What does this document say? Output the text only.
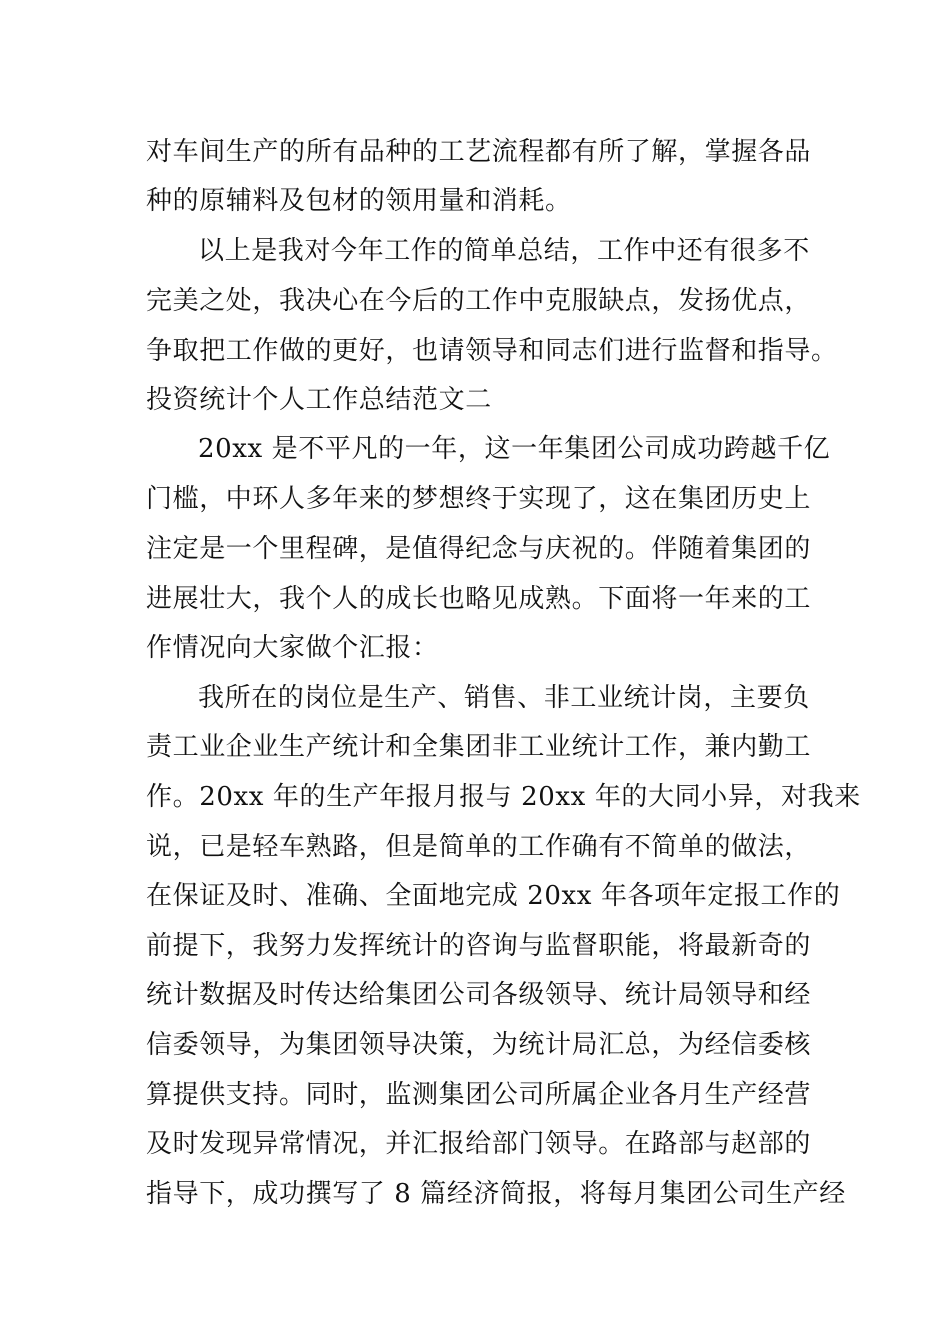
对车间生产的所有品种的工艺流程都有所了解，掌握各品
种的原辅料及包材的领用量和消耗。
以上是我对今年工作的简单总结，工作中还有很多不
完美之处，我决心在今后的工作中克服缺点，发扬优点，
争取把工作做的更好，也请领导和同志们进行监督和指导。
投资统计个人工作总结范文二
20xx 是不平凡的一年，这一年集团公司成功跨越千亿
门槛，中环人多年来的梦想终于实现了，这在集团历史上
注定是一个里程碑，是值得纪念与庆祝的。伴随着集团的
进展壮大，我个人的成长也略见成熟。下面将一年来的工
作情况向大家做个汇报：
我所在的岗位是生产、销售、非工业统计岗，主要负
责工业企业生产统计和全集团非工业统计工作，兼内勤工
作。20xx 年的生产年报月报与 20xx 年的大同小异，对我来
说，已是轻车熟路，但是简单的工作确有不简单的做法，
在保证及时、准确、全面地完成 20xx 年各项年定报工作的
前提下，我努力发挥统计的咨询与监督职能，将最新奇的
统计数据及时传达给集团公司各级领导、统计局领导和经
信委领导，为集团领导决策，为统计局汇总，为经信委核
算提供支持。同时，监测集团公司所属企业各月生产经营
及时发现异常情况，并汇报给部门领导。在路部与赵部的
指导下，成功撰写了 8 篇经济简报，将每月集团公司生产经
